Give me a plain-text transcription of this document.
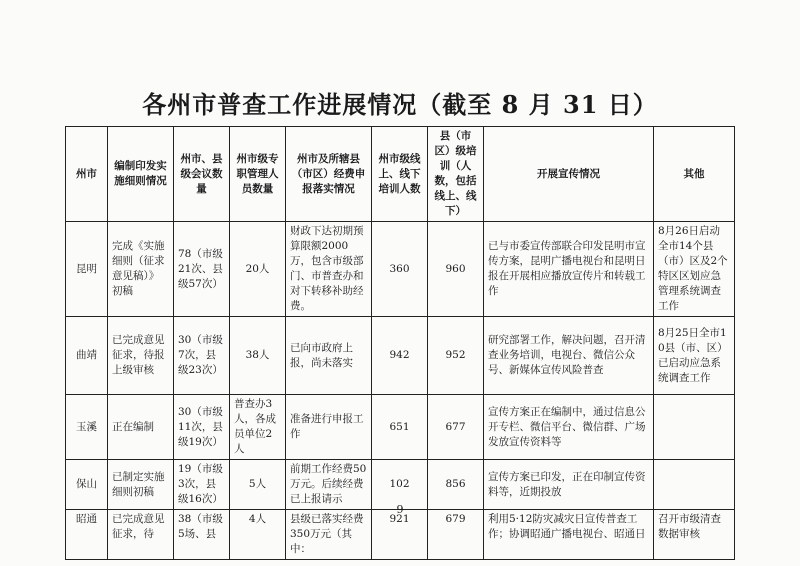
各州市普查工作进展情况（截至 8 月 31 日）
州市	编制印发实施细则情况	州市、县级会议数量	州市级专职管理人员数量	州市及所辖县（市区）经费申报落实情况	州市级线上、线下培训人数	县（市区）级培训（人数，包括线上、线下）	开展宣传情况	其他
昆明	完成《实施细则（征求意见稿）》初稿	78（市级21次、县级57次）	20人	财政下达初期预算限额2000万，包含市级部门、市普查办和对下转移补助经费。	360	960	已与市委宣传部联合印发昆明市宣传方案，昆明广播电视台和昆明日报在开展相应播放宣传片和转载工作	8月26日启动全市14个县（市）区及2个特区区划应急管理系统调查工作
曲靖	已完成意见征求，待报上级审核	30（市级7次，县级23次）	38人	已向市政府上报，尚未落实	942	952	研究部署工作，解决问题，召开清查业务培训，电视台、微信公众号、新媒体宣传风险普查	8月25日全市10县（市、区）已启动应急系统调查工作
玉溪	正在编制	30（市级11次，县级19次）	普查办3人，各成员单位2人	准备进行申报工作	651	677	宣传方案正在编制中，通过信息公开专栏、微信平台、微信群、广场发放宣传资料等	
保山	已制定实施细则初稿	19（市级3次，县级16次）	5人	前期工作经费50万元。后续经费已上报请示	102	856	宣传方案已印发，正在印制宣传资料等，近期投放	
昭通	已完成意见征求，待	38（市级5场、县	4人	县级已落实经费350万元（其中：	921	679	利用5·12防灾减灾日宣传普查工作；协调昭通广播电视台、昭通日	召开市级清查数据审核
9
